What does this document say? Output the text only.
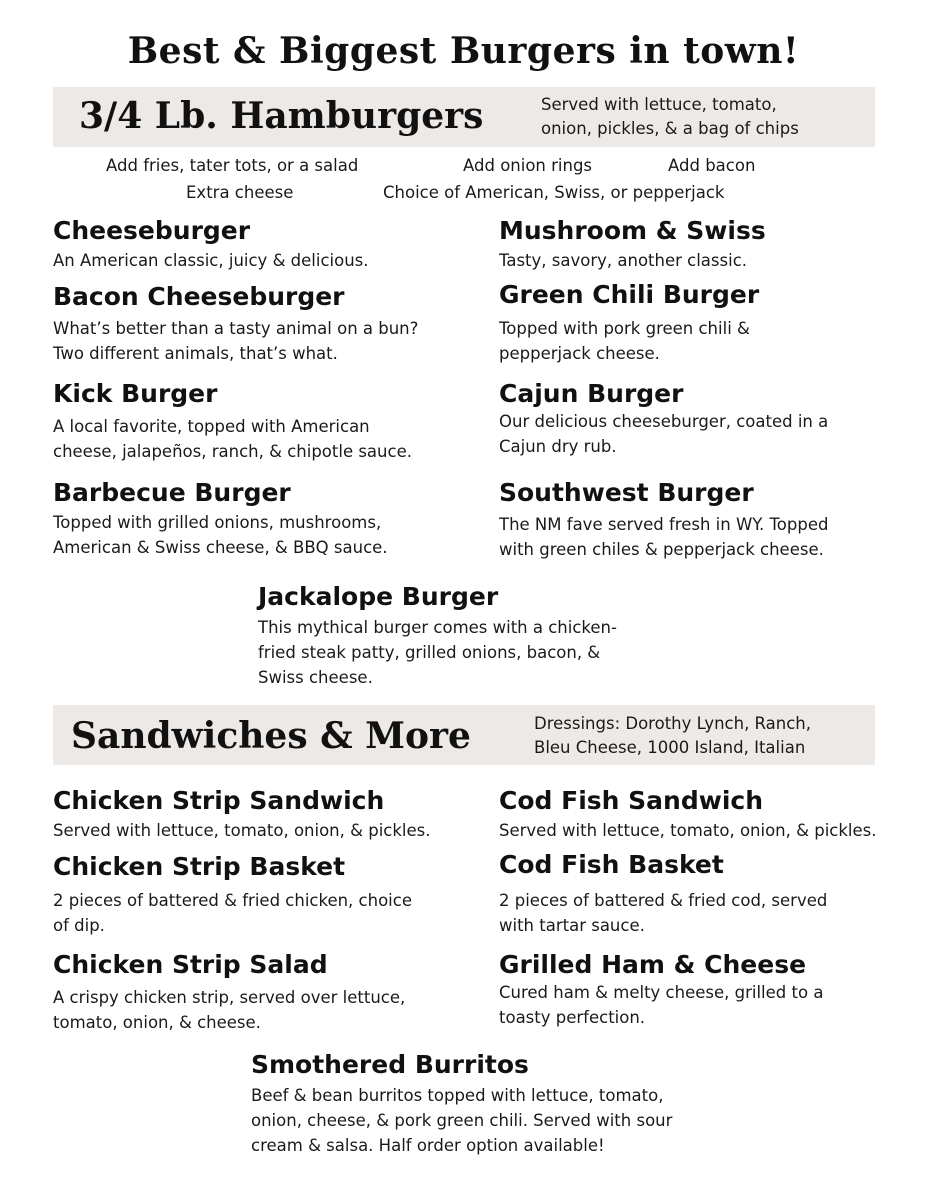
Best & Biggest Burgers in town!
3/4 Lb. Hamburgers	Served with lettuce, tomato,
onion, pickles, & a bag of chips
Add fries, tater tots, or a salad	Add onion rings	Add bacon
Extra cheese	Choice of American, Swiss, or pepperjack
Cheeseburger
An American classic, juicy & delicious.
Mushroom & Swiss
Tasty, savory, another classic.
Bacon Cheeseburger
What’s better than a tasty animal on a bun?
Two different animals, that’s what.
Green Chili Burger
Topped with pork green chili &
pepperjack cheese.
Kick Burger
A local favorite, topped with American
cheese, jalapeños, ranch, & chipotle sauce.
Cajun Burger
Our delicious cheeseburger, coated in a
Cajun dry rub.
Barbecue Burger
Topped with grilled onions, mushrooms,
American & Swiss cheese, & BBQ sauce.
Southwest Burger
The NM fave served fresh in WY. Topped
with green chiles & pepperjack cheese.
Jackalope Burger
This mythical burger comes with a chicken-
fried steak patty, grilled onions, bacon, &
Swiss cheese.
Sandwiches & More	Dressings: Dorothy Lynch, Ranch,
Bleu Cheese, 1000 Island, Italian
Chicken Strip Sandwich
Served with lettuce, tomato, onion, & pickles.
Cod Fish Sandwich
Served with lettuce, tomato, onion, & pickles.
Chicken Strip Basket
2 pieces of battered & fried chicken, choice
of dip.
Cod Fish Basket
2 pieces of battered & fried cod, served
with tartar sauce.
Chicken Strip Salad
A crispy chicken strip, served over lettuce,
tomato, onion, & cheese.
Grilled Ham & Cheese
Cured ham & melty cheese, grilled to a
toasty perfection.
Smothered Burritos
Beef & bean burritos topped with lettuce, tomato,
onion, cheese, & pork green chili. Served with sour
cream & salsa. Half order option available!
